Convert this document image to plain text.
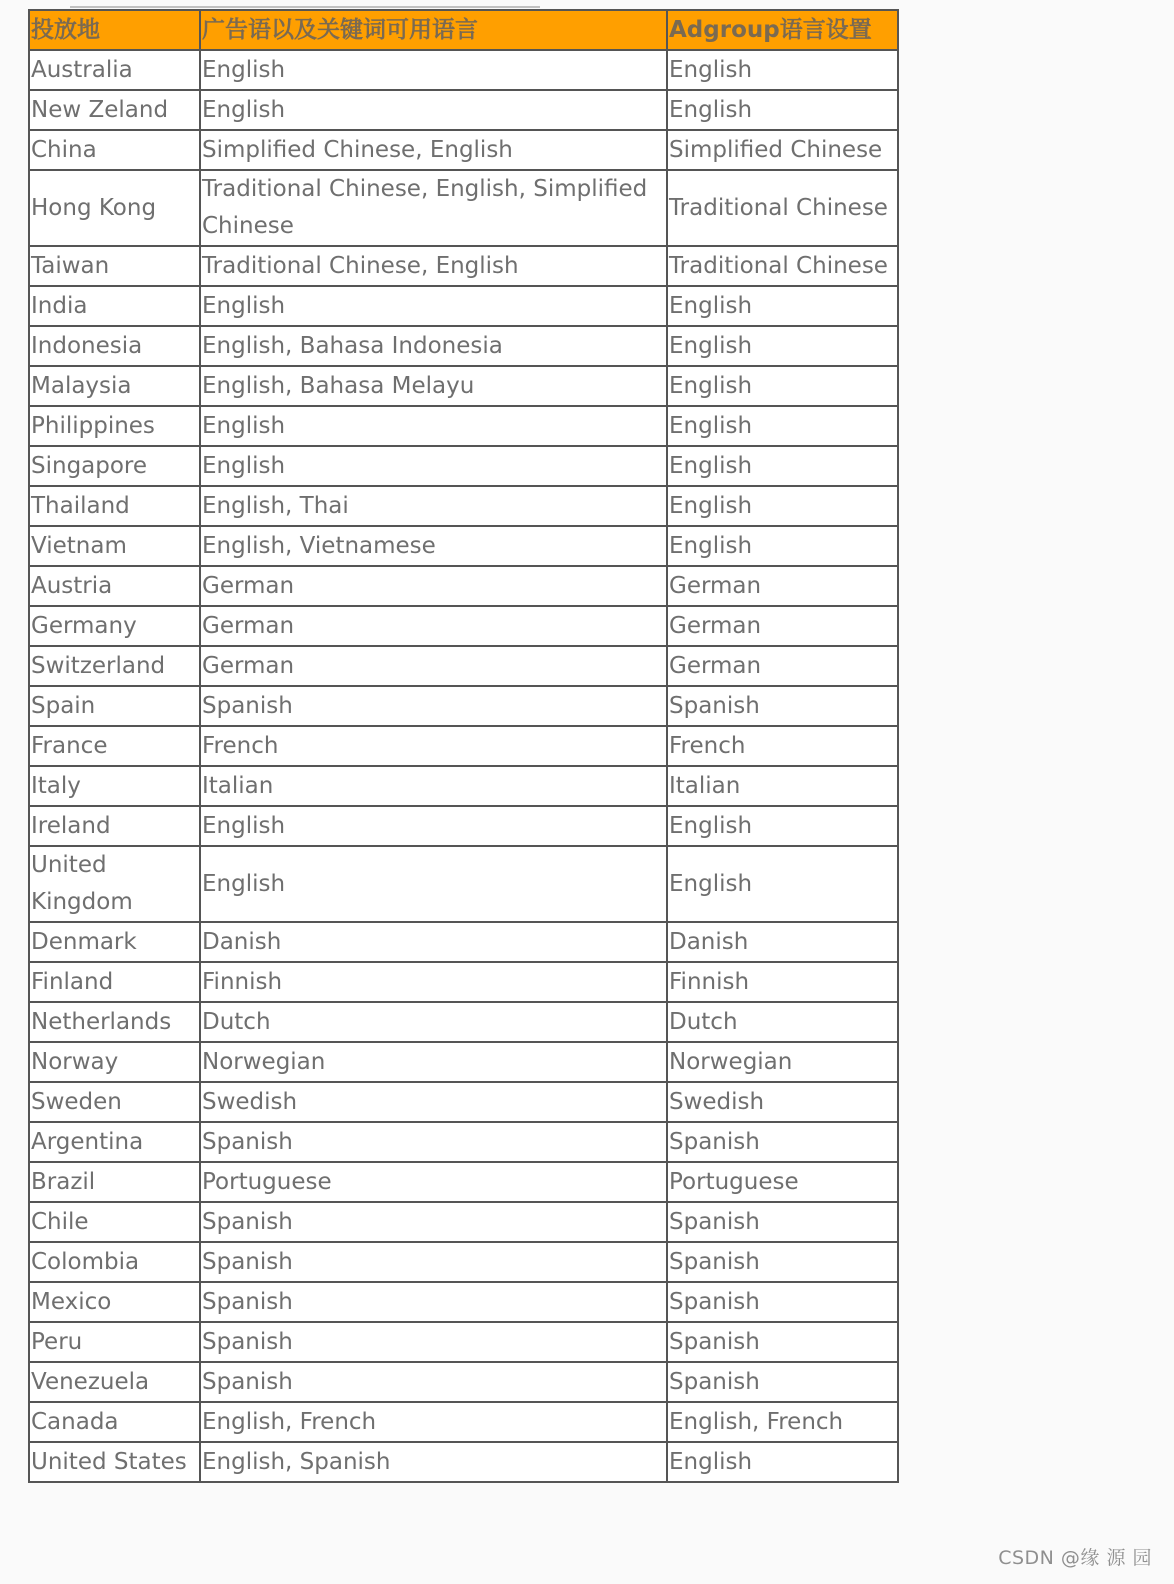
投放地	广告语以及关键词可用语言	Adgroup语言设置
Australia	English	English
New Zeland	English	English
China	Simplified Chinese, English	Simplified Chinese
Hong Kong	Traditional Chinese, English, Simplified Chinese	Traditional Chinese
Taiwan	Traditional Chinese, English	Traditional Chinese
India	English	English
Indonesia	English, Bahasa Indonesia	English
Malaysia	English, Bahasa Melayu	English
Philippines	English	English
Singapore	English	English
Thailand	English, Thai	English
Vietnam	English, Vietnamese	English
Austria	German	German
Germany	German	German
Switzerland	German	German
Spain	Spanish	Spanish
France	French	French
Italy	Italian	Italian
Ireland	English	English
United Kingdom	English	English
Denmark	Danish	Danish
Finland	Finnish	Finnish
Netherlands	Dutch	Dutch
Norway	Norwegian	Norwegian
Sweden	Swedish	Swedish
Argentina	Spanish	Spanish
Brazil	Portuguese	Portuguese
Chile	Spanish	Spanish
Colombia	Spanish	Spanish
Mexico	Spanish	Spanish
Peru	Spanish	Spanish
Venezuela	Spanish	Spanish
Canada	English, French	English, French
United States	English, Spanish	English
CSDN @缘 源 园
